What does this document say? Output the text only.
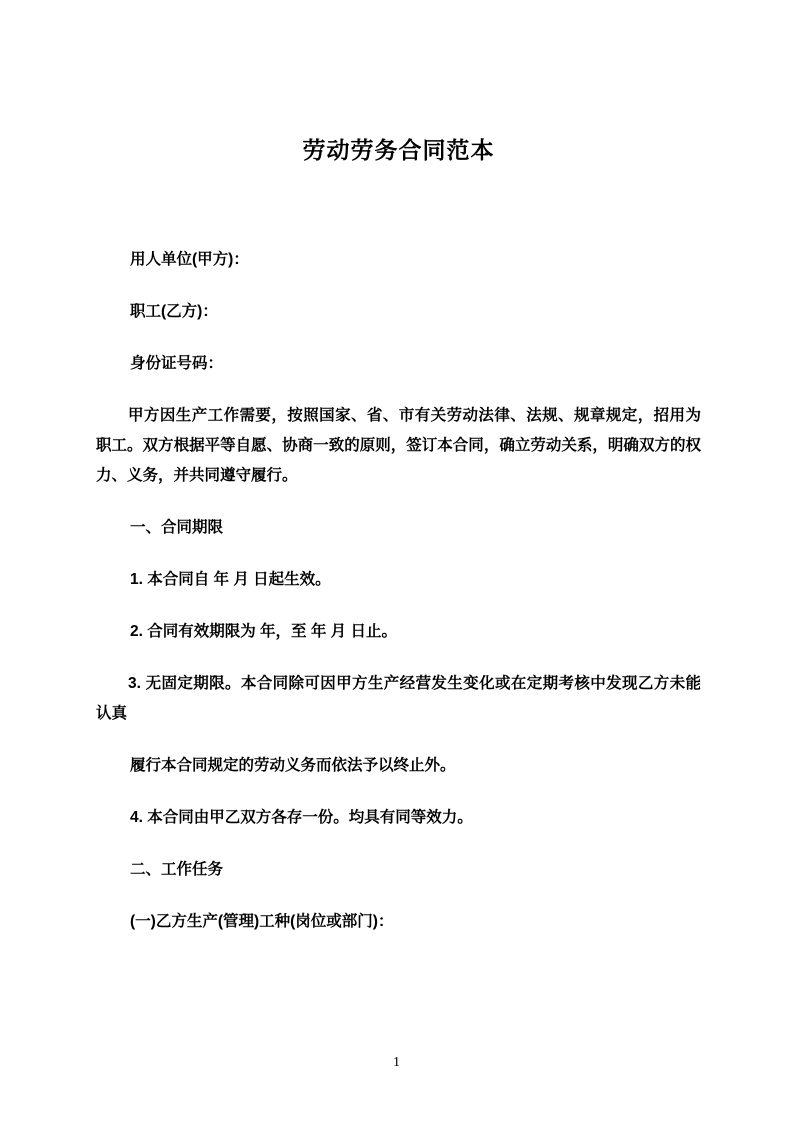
劳动劳务合同范本

用人单位(甲方)：

职工(乙方)：

身份证号码：

甲方因生产工作需要，按照国家、省、市有关劳动法律、法规、规章规定，招用为职工。双方根据平等自愿、协商一致的原则，签订本合同，确立劳动关系，明确双方的权力、义务，并共同遵守履行。

一、合同期限

1. 本合同自 年 月 日起生效。

2. 合同有效期限为 年，至 年 月 日止。

3. 无固定期限。本合同除可因甲方生产经营发生变化或在定期考核中发现乙方未能认真

履行本合同规定的劳动义务而依法予以终止外。

4. 本合同由甲乙双方各存一份。均具有同等效力。

二、工作任务

(一)乙方生产(管理)工种(岗位或部门)：

1
